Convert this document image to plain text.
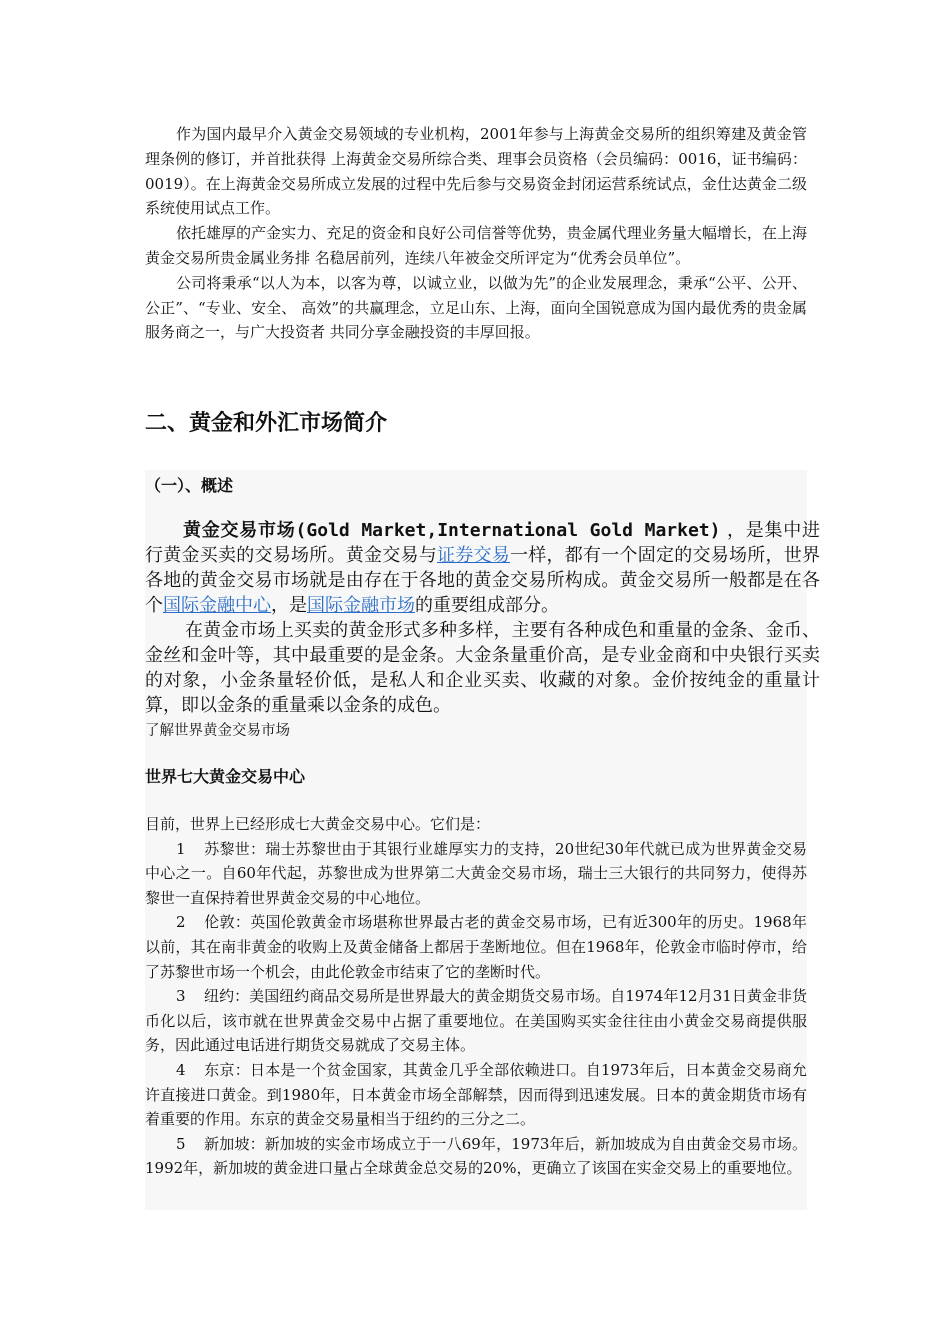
作为国内最早介入黄金交易领域的专业机构，2001年参与上海黄金交易所的组织筹建及黄金管理条例的修订，并首批获得 上海黄金交易所综合类、理事会员资格（会员编码：0016，证书编码：0019）。在上海黄金交易所成立发展的过程中先后参与交易资金封闭运营系统试点，金仕达黄金二级系统使用试点工作。

依托雄厚的产金实力、充足的资金和良好公司信誉等优势，贵金属代理业务量大幅增长，在上海黄金交易所贵金属业务排 名稳居前列，连续八年被金交所评定为“优秀会员单位”。

公司将秉承“以人为本，以客为尊，以诚立业，以做为先”的企业发展理念，秉承“公平、公开、公正”、“专业、安全、 高效”的共赢理念，立足山东、上海，面向全国锐意成为国内最优秀的贵金属服务商之一，与广大投资者 共同分享金融投资的丰厚回报。

二、黄金和外汇市场简介
（一）、概述

黄金交易市场(Gold Market,International Gold Market) ，是集中进行黄金买卖的交易场所。黄金交易与证券交易一样，都有一个固定的交易场所，世界各地的黄金交易市场就是由存在于各地的黄金交易所构成。黄金交易所一般都是在各个国际金融中心，是国际金融市场的重要组成部分。

在黄金市场上买卖的黄金形式多种多样，主要有各种成色和重量的金条、金币、金丝和金叶等，其中最重要的是金条。大金条量重价高，是专业金商和中央银行买卖的对象，小金条量轻价低，是私人和企业买卖、收藏的对象。金价按纯金的重量计算，即以金条的重量乘以金条的成色。

了解世界黄金交易市场
世界七大黄金交易中心

目前，世界上已经形成七大黄金交易中心。它们是：

1 苏黎世：瑞士苏黎世由于其银行业雄厚实力的支持，20世纪30年代就已成为世界黄金交易中心之一。自60年代起，苏黎世成为世界第二大黄金交易市场，瑞士三大银行的共同努力，使得苏黎世一直保持着世界黄金交易的中心地位。

2 伦敦：英国伦敦黄金市场堪称世界最古老的黄金交易市场，已有近300年的历史。1968年以前，其在南非黄金的收购上及黄金储备上都居于垄断地位。但在1968年，伦敦金市临时停市，给了苏黎世市场一个机会，由此伦敦金市结束了它的垄断时代。

3 纽约：美国纽约商品交易所是世界最大的黄金期货交易市场。自1974年12月31日黄金非货币化以后，该市就在世界黄金交易中占据了重要地位。在美国购买实金往往由小黄金交易商提供服务，因此通过电话进行期货交易就成了交易主体。

4 东京：日本是一个贫金国家，其黄金几乎全部依赖进口。自1973年后，日本黄金交易商允许直接进口黄金。到1980年，日本黄金市场全部解禁，因而得到迅速发展。日本的黄金期货市场有着重要的作用。东京的黄金交易量相当于纽约的三分之二。

5 新加坡：新加坡的实金市场成立于一八69年，1973年后，新加坡成为自由黄金交易市场。1992年，新加坡的黄金进口量占全球黄金总交易的20%，更确立了该国在实金交易上的重要地位。
